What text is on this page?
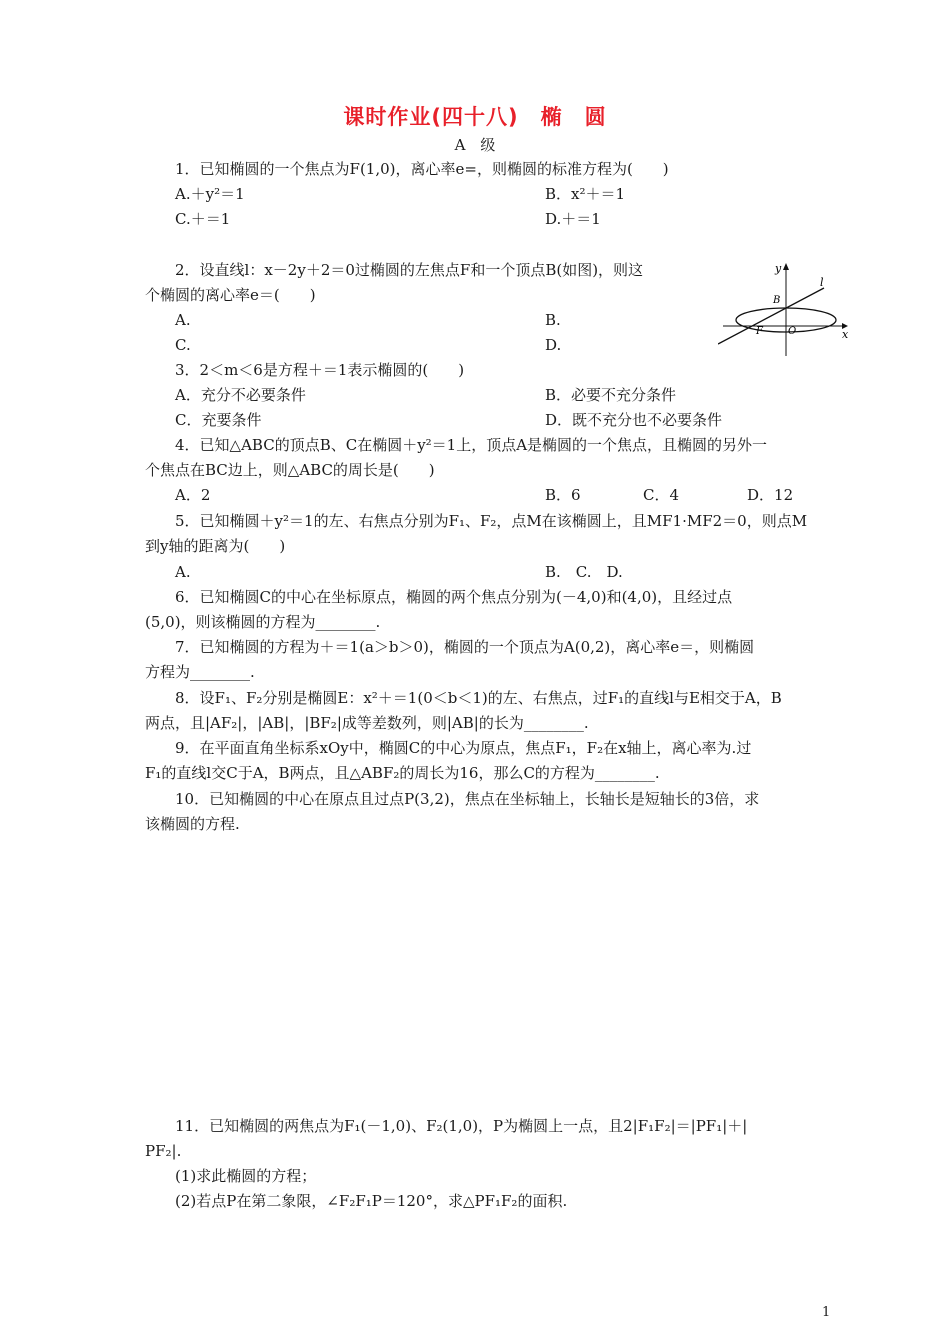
课时作业(四十八)　椭　圆
A　级
1．已知椭圆的一个焦点为F(1,0)，离心率e=，则椭圆的标准方程为(　　)
A.＋y²＝1	B．x²＋＝1
C.＋＝1	D.＋＝1
2．设直线l：x－2y＋2＝0过椭圆的左焦点F和一个顶点B(如图)，则这
个椭圆的离心率e＝(　　)
A.	B.
C.	D.
y
x
l
B
F	O
3．2＜m＜6是方程＋＝1表示椭圆的(　　)
A．充分不必要条件	B．必要不充分条件
C．充要条件	D．既不充分也不必要条件
4．已知△ABC的顶点B、C在椭圆＋y²＝1上，顶点A是椭圆的一个焦点，且椭圆的另外一
个焦点在BC边上，则△ABC的周长是(　　)
A．2	B．6	C．4	D．12
5．已知椭圆＋y²＝1的左、右焦点分别为F₁、F₂，点M在该椭圆上，且MF1·MF2＝0，则点M
到y轴的距离为(　　)
A.	B.　C.　D.
6．已知椭圆C的中心在坐标原点，椭圆的两个焦点分别为(－4,0)和(4,0)，且经过点
(5,0)，则该椭圆的方程为________.
7．已知椭圆的方程为＋＝1(a＞b＞0)，椭圆的一个顶点为A(0,2)，离心率e＝，则椭圆
方程为________.
8．设F₁、F₂分别是椭圆E：x²＋＝1(0＜b＜1)的左、右焦点，过F₁的直线l与E相交于A，B
两点，且|AF₂|，|AB|，|BF₂|成等差数列，则|AB|的长为________.
9．在平面直角坐标系xOy中，椭圆C的中心为原点，焦点F₁，F₂在x轴上，离心率为.过
F₁的直线l交C于A，B两点，且△ABF₂的周长为16，那么C的方程为________.
10．已知椭圆的中心在原点且过点P(3,2)，焦点在坐标轴上，长轴长是短轴长的3倍，求
该椭圆的方程.
11．已知椭圆的两焦点为F₁(－1,0)、F₂(1,0)，P为椭圆上一点，且2|F₁F₂|＝|PF₁|＋|
PF₂|.
(1)求此椭圆的方程；
(2)若点P在第二象限，∠F₂F₁P＝120°，求△PF₁F₂的面积.
1
